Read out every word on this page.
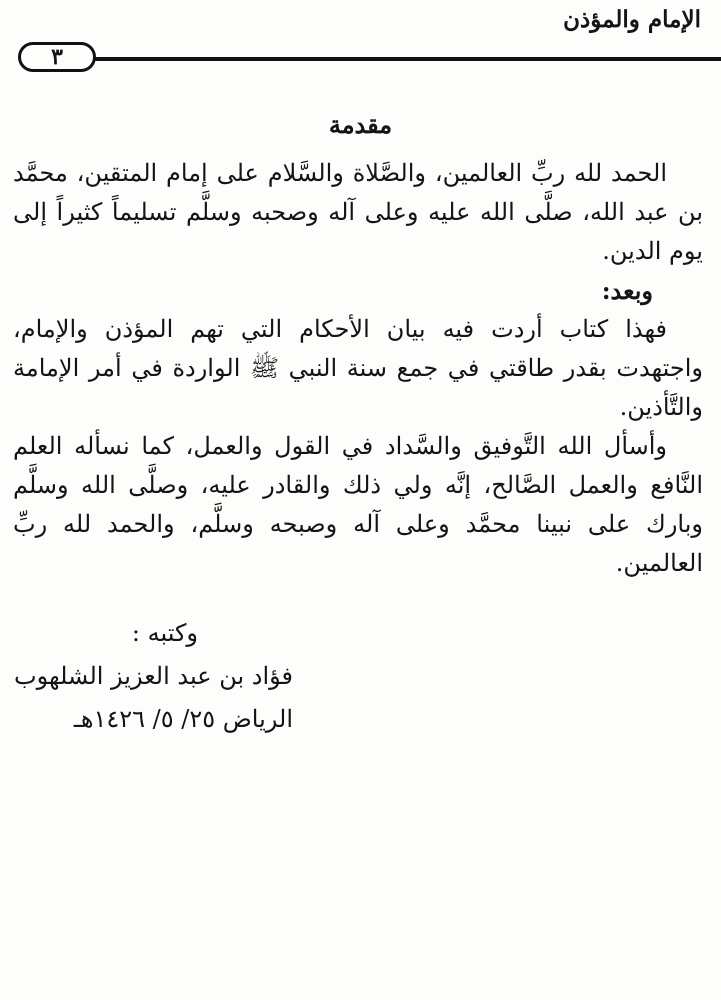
الإمام والمؤذن
٣
مقدمة

الحمد لله ربِّ العالمين، والصَّلاة والسَّلام على إمام المتقين، محمَّد بن عبد الله، صلَّى الله عليه وعلى آله وصحبه وسلَّم تسليماً كثيراً إلى يوم الدين.

وبعد:

فهذا كتاب أردت فيه بيان الأحكام التي تهم المؤذن والإمام، واجتهدت بقدر طاقتي في جمع سنة النبي ﷺ الواردة في أمر الإمامة والتَّأذين.

وأسأل الله التَّوفيق والسَّداد في القول والعمل، كما نسأله العلم النَّافع والعمل الصَّالح، إنَّه ولي ذلك والقادر عليه، وصلَّى الله وسلَّم وبارك على نبينا محمَّد وعلى آله وصبحه وسلَّم، والحمد لله ربِّ العالمين.

وكتبه :
فؤاد بن عبد العزيز الشلهوب
الرياض ٢٥/ ٥/ ١٤٢٦هـ
